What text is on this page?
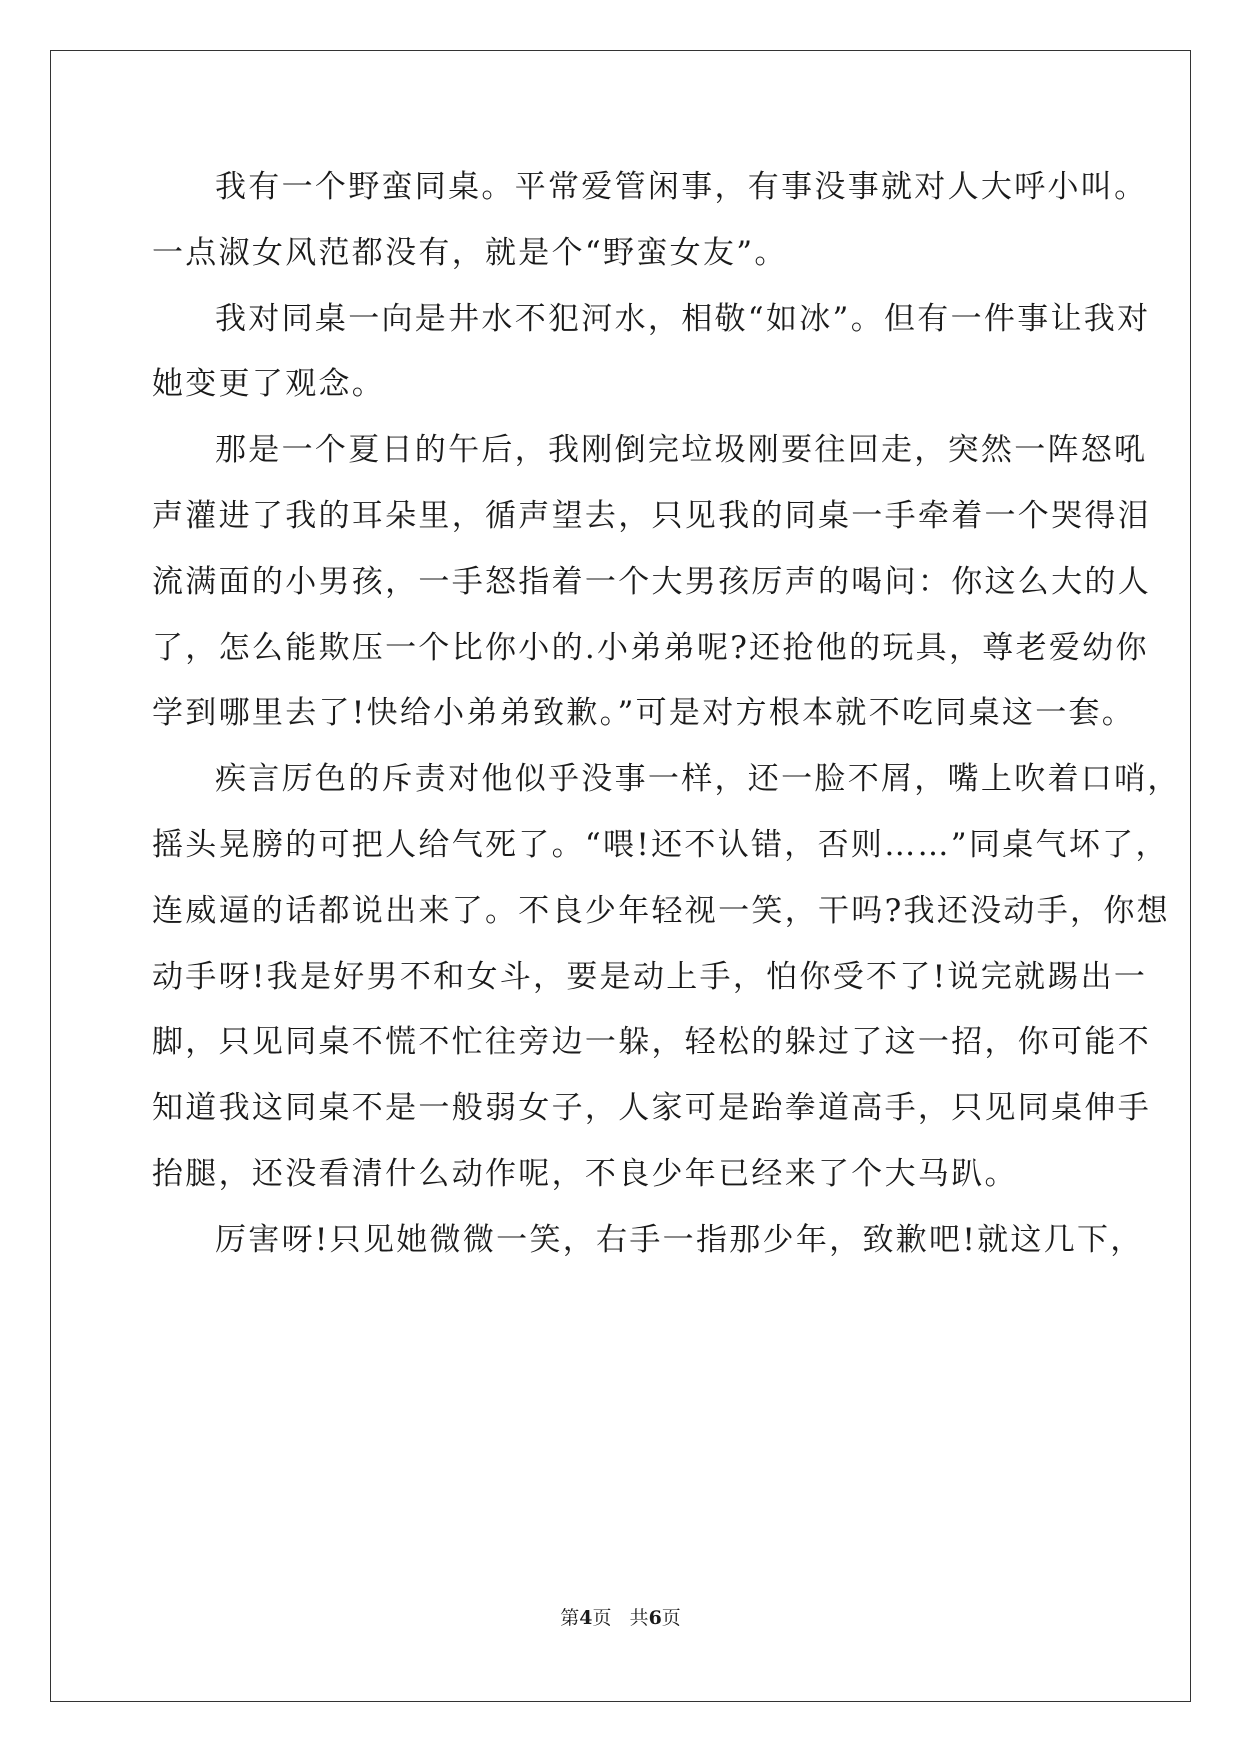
我有一个野蛮同桌。平常爱管闲事，有事没事就对人大呼小叫。
一点淑女风范都没有，就是个“野蛮女友”。
我对同桌一向是井水不犯河水，相敬“如冰”。但有一件事让我对
她变更了观念。
那是一个夏日的午后，我刚倒完垃圾刚要往回走，突然一阵怒吼
声灌进了我的耳朵里，循声望去，只见我的同桌一手牵着一个哭得泪
流满面的小男孩，一手怒指着一个大男孩厉声的喝问：你这么大的人
了，怎么能欺压一个比你小的.小弟弟呢?还抢他的玩具，尊老爱幼你
学到哪里去了!快给小弟弟致歉。”可是对方根本就不吃同桌这一套。
疾言厉色的斥责对他似乎没事一样，还一脸不屑，嘴上吹着口哨，
摇头晃膀的可把人给气死了。“喂!还不认错，否则……”同桌气坏了，
连威逼的话都说出来了。不良少年轻视一笑，干吗?我还没动手，你想
动手呀!我是好男不和女斗，要是动上手，怕你受不了!说完就踢出一
脚，只见同桌不慌不忙往旁边一躲，轻松的躲过了这一招，你可能不
知道我这同桌不是一般弱女子，人家可是跆拳道高手，只见同桌伸手
抬腿，还没看清什么动作呢，不良少年已经来了个大马趴。
厉害呀!只见她微微一笑，右手一指那少年，致歉吧!就这几下，
第4页   共6页
